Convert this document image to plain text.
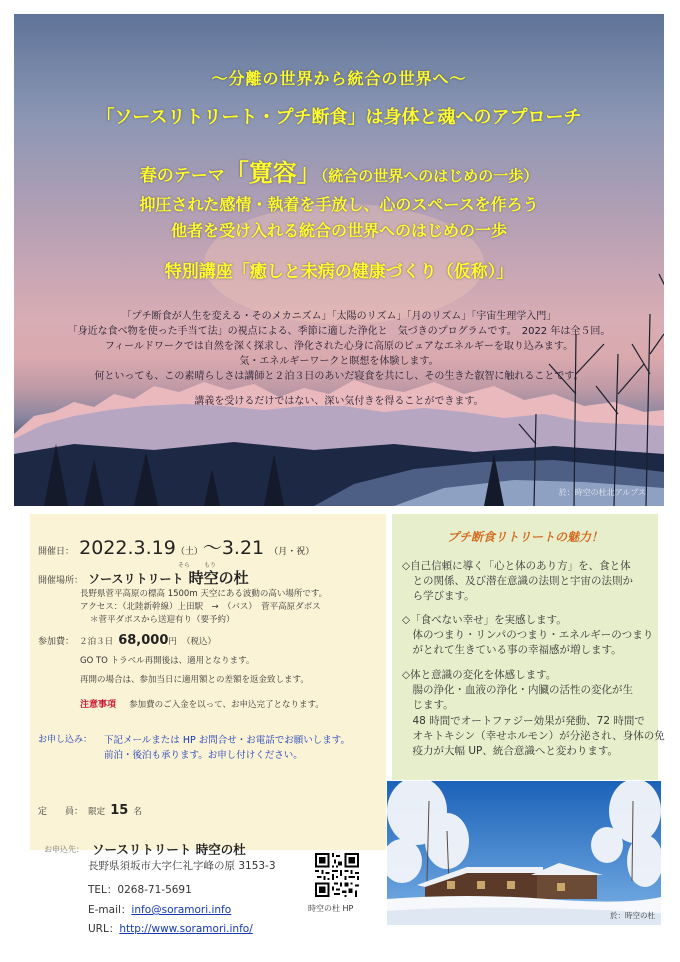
～分離の世界から統合の世界へ～
「ソースリトリート・プチ断食」は身体と魂へのアプローチ
春のテーマ「寛容」（統合の世界へのはじめの一歩）
抑圧された感情・執着を手放し、心のスペースを作ろう
他者を受け入れる統合の世界へのはじめの一歩
特別講座「癒しと未病の健康づくり（仮称）」
「プチ断食が人生を変える・そのメカニズム」「太陽のリズム」「月のリズム」「宇宙生理学入門」
「身近な食べ物を使った手当て法」の視点による、季節に適した浄化と　気づきのプログラムです。　2022 年は全５回。
フィールドワークでは自然を深く探求し、浄化された心身に高原のピュアなエネルギーを取り込みます。
気・エネルギーワークと瞑想を体験します。
何といっても、この素晴らしさは講師と２泊３日のあいだ寝食を共にし、その生きた叡智に触れることです。
講義を受けるだけではない、深い気付きを得ることができます。
於：時空の杜北アルプス
開催日： 2022.3.19（土）～3.21 （月・祝）
そら もり
開催場所： ソースリトリート 時空の杜
長野県菅平高原の標高 1500m 天空にある波動の高い場所です。
アクセス：（北陸新幹線）上田駅　→　（バス）　菅平高原ダボス
＊菅平ダボスから送迎有り（要予約）
参加費： ２泊３日 68,000円 （税込）
GO TO トラベル再開後は、適用となります。
再開の場合は、参加当日に適用額との差額を返金致します。
注意事項 参加費のご入金を以って、お申込完了となります。
お申し込み： 下記メールまたは HP お問合せ・お電話でお願いします。
前泊・後泊も承ります。お申し付けください。
定　　員： 限定 15 名
お申込先： ソースリトリート 時空の杜
長野県須坂市大字仁礼字峰の原 3153-3
TEL：0268-71-5691
E-mail：info@soramori.info
URL：http://www.soramori.info/
時空の杜 HP
プチ断食リトリートの魅力！
◇自己信頼に導く「心と体のあり方」を、食と体
　との関係、及び潜在意識の法則と宇宙の法則か
　ら学びます。
◇「食べない幸せ」を実感します。
　体のつまり・リンパのつまり・エネルギーのつまり
　がとれて生きている事の幸福感が増します。
◇体と意識の変化を体感します。
　腸の浄化・血液の浄化・内臓の活性の変化が生
　じます。
　48 時間でオートファジー効果が発動、72 時間で
　オキトキシン（幸せホルモン）が分泌され、身体の免
　疫力が大幅 UP、統合意識へと変わります。
於：時空の杜
